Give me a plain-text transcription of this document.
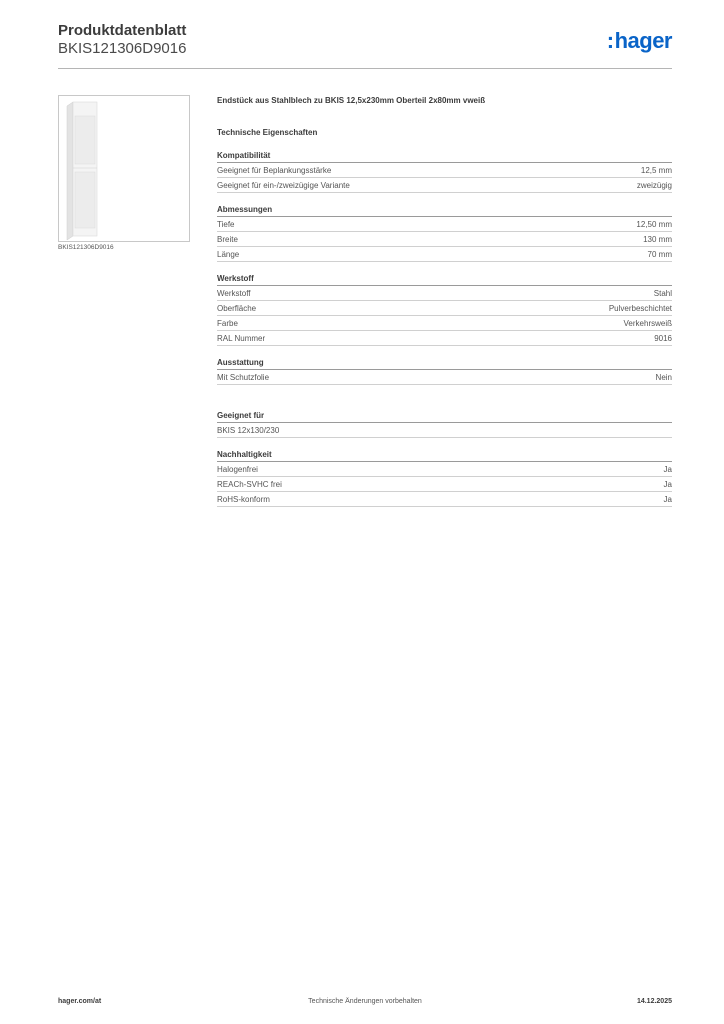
Produktdatenblatt

BKIS121306D9016	:hager
BKIS121306D9016

Endstück aus Stahlblech zu BKIS 12,5x230mm Oberteil 2x80mm vweiß

Technische Eigenschaften

Kompatibilität
Geeignet für Beplankungsstärke	12,5 mm
Geeignet für ein-/zweizügige Variante	zweizügig
Abmessungen
Tiefe	12,50 mm
Breite	130 mm
Länge	70 mm
Werkstoff
Werkstoff	Stahl
Oberfläche	Pulverbeschichtet
Farbe	Verkehrsweiß
RAL Nummer	9016
Ausstattung
Mit Schutzfolie	Nein
Geeignet für
BKIS 12x130/230
Nachhaltigkeit
Halogenfrei	Ja
REACh-SVHC frei	Ja
RoHS-konform	Ja
hager.com/at	Technische Änderungen vorbehalten	14.12.2025
